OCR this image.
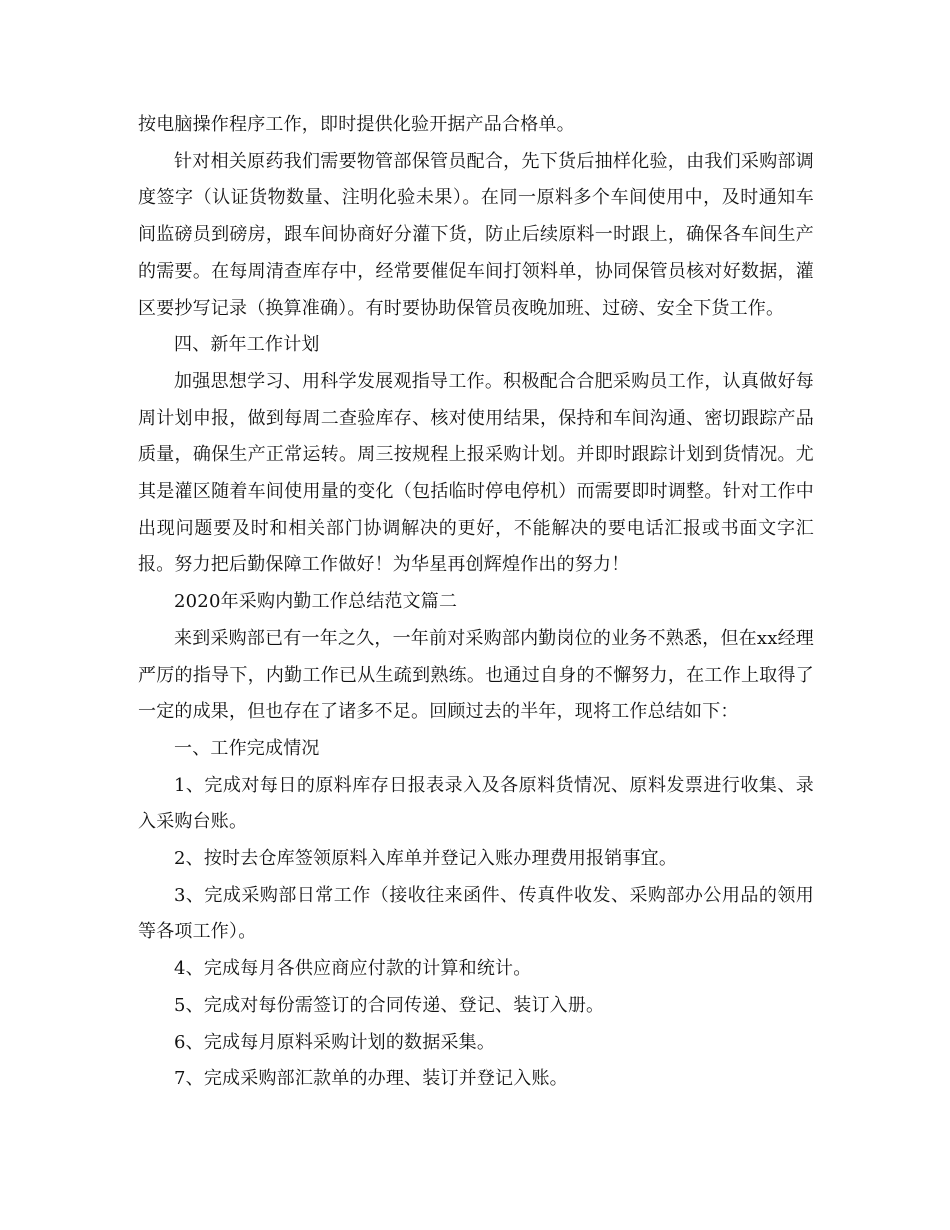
按电脑操作程序工作，即时提供化验开据产品合格单。

针对相关原药我们需要物管部保管员配合，先下货后抽样化验，由我们采购部调度签字（认证货物数量、注明化验未果）。在同一原料多个车间使用中，及时通知车间监磅员到磅房，跟车间协商好分灌下货，防止后续原料一时跟上，确保各车间生产的需要。在每周清查库存中，经常要催促车间打领料单，协同保管员核对好数据，灌区要抄写记录（换算准确）。有时要协助保管员夜晚加班、过磅、安全下货工作。

四、新年工作计划

加强思想学习、用科学发展观指导工作。积极配合合肥采购员工作，认真做好每周计划申报，做到每周二查验库存、核对使用结果，保持和车间沟通、密切跟踪产品质量，确保生产正常运转。周三按规程上报采购计划。并即时跟踪计划到货情况。尤其是灌区随着车间使用量的变化（包括临时停电停机）而需要即时调整。针对工作中出现问题要及时和相关部门协调解决的更好，不能解决的要电话汇报或书面文字汇报。努力把后勤保障工作做好！为华星再创辉煌作出的努力！

2020年采购内勤工作总结范文篇二

来到采购部已有一年之久，一年前对采购部内勤岗位的业务不熟悉，但在xx经理严厉的指导下，内勤工作已从生疏到熟练。也通过自身的不懈努力，在工作上取得了一定的成果，但也存在了诸多不足。回顾过去的半年，现将工作总结如下：

一、工作完成情况

1、完成对每日的原料库存日报表录入及各原料货情况、原料发票进行收集、录入采购台账。

2、按时去仓库签领原料入库单并登记入账办理费用报销事宜。

3、完成采购部日常工作（接收往来函件、传真件收发、采购部办公用品的领用等各项工作）。

4、完成每月各供应商应付款的计算和统计。

5、完成对每份需签订的合同传递、登记、装订入册。

6、完成每月原料采购计划的数据采集。

7、完成采购部汇款单的办理、装订并登记入账。
